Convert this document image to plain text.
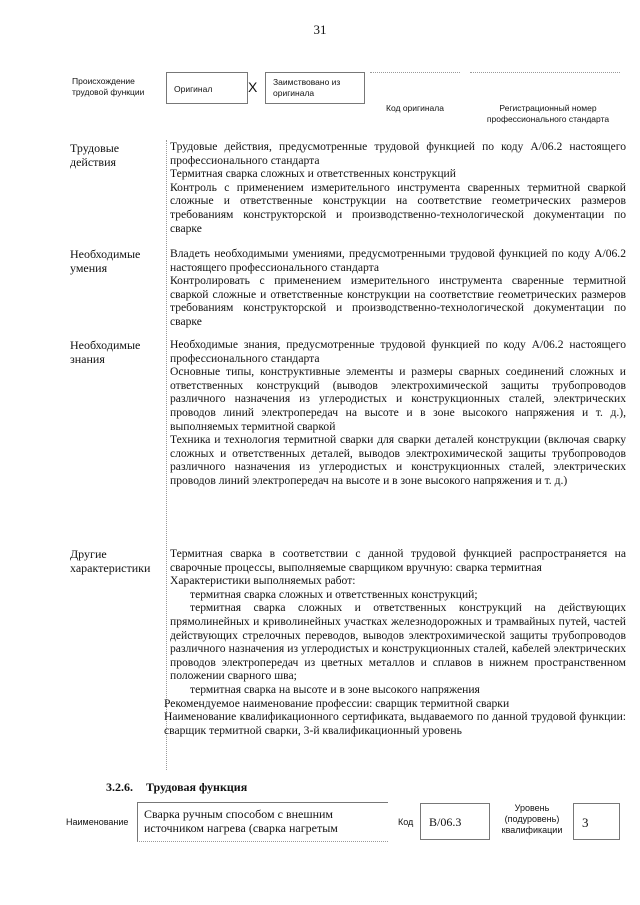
31
Происхождение трудовой функции	Оригинал	X Заимствовано из оригинала
Код оригинала	Регистрационный номер профессионального стандарта
Трудовые действия

Трудовые действия, предусмотренные трудовой функцией по коду А/06.2 настоящего профессионального стандарта

Термитная сварка сложных и ответственных конструкций

Контроль с применением измерительного инструмента сваренных термитной сваркой сложные и ответственные конструкции на соответствие геометрических размеров требованиям конструкторской и производственно-технологической документации по сварке

Необходимые умения

Владеть необходимыми умениями, предусмотренными трудовой функцией по коду А/06.2 настоящего профессионального стандарта

Контролировать с применением измерительного инструмента сваренные термитной сваркой сложные и ответственные конструкции на соответствие геометрических размеров требованиям конструкторской и производственно-технологической документации по сварке

Необходимые знания

Необходимые знания, предусмотренные трудовой функцией по коду А/06.2 настоящего профессионального стандарта

Основные типы, конструктивные элементы и размеры сварных соединений сложных и ответственных конструкций (выводов электрохимической защиты трубопроводов различного назначения из углеродистых и конструкционных сталей, электрических проводов линий электропередач на высоте и в зоне высокого напряжения и т. д.), выполняемых термитной сваркой

Техника и технология термитной сварки для сварки деталей конструкции (включая сварку сложных и ответственных деталей, выводов электрохимической защиты трубопроводов различного назначения из углеродистых и конструкционных сталей, электрических проводов линий электропередач на высоте и в зоне высокого напряжения и т. д.)

Другие характеристики

Термитная сварка в соответствии с данной трудовой функцией распространяется на сварочные процессы, выполняемые сварщиком вручную: сварка термитная

Характеристики выполняемых работ:

термитная сварка сложных и ответственных конструкций;

термитная сварка сложных и ответственных конструкций на действующих прямолинейных и криволинейных участках железнодорожных и трамвайных путей, частей действующих стрелочных переводов, выводов электрохимической защиты трубопроводов различного назначения из углеродистых и конструкционных сталей, кабелей электрических проводов электропередач из цветных металлов и сплавов в нижнем пространственном положении сварного шва;

термитная сварка на высоте и в зоне высокого напряжения

Рекомендуемое наименование профессии: сварщик термитной сварки

Наименование квалификационного сертификата, выдаваемого по данной трудовой функции: сварщик термитной сварки, 3-й квалификационный уровень

3.2.6. Трудовая функция
Наименование
Сварка ручным способом с внешним источником нагрева (сварка нагретым	Код В/06.3
Уровень (подуровень) квалификации	3
